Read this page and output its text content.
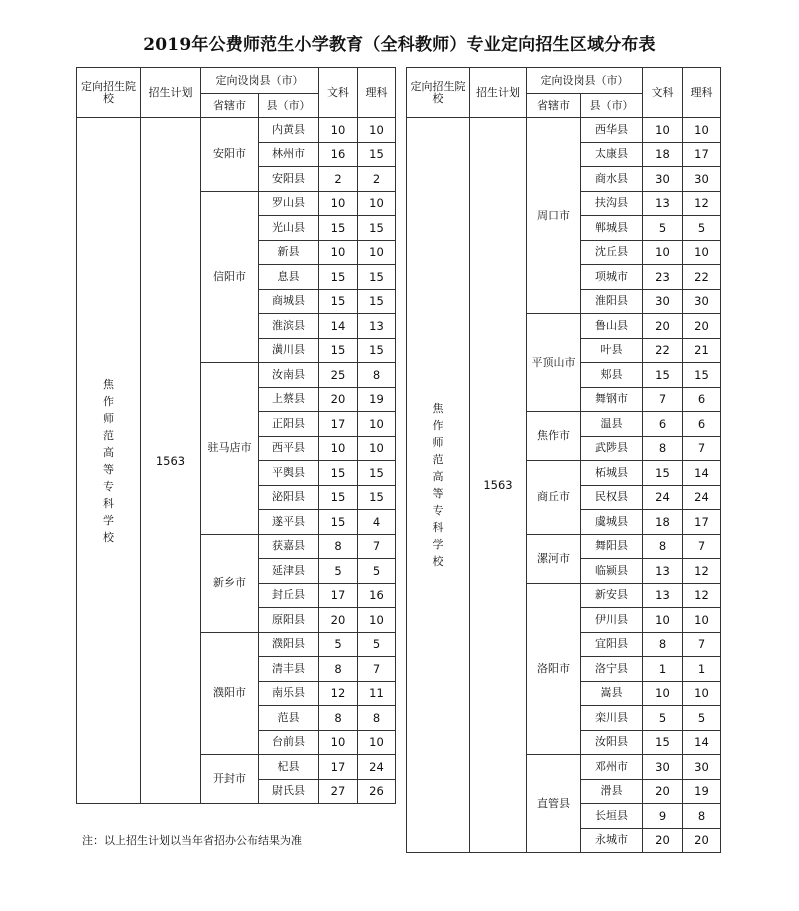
2019年公费师范生小学教育（全科教师）专业定向招生区域分布表
定向招生院校	招生计划	定向设岗县（市）		文科	理科
		省辖市	县（市）		
焦作师范高等专科学校	1563	安阳市	内黄县	10	10
			林州市	16	15
			安阳县	2	2
		信阳市	罗山县	10	10
			光山县	15	15
			新县	10	10
			息县	15	15
			商城县	15	15
			淮滨县	14	13
			潢川县	15	15
		驻马店市	汝南县	25	8
			上蔡县	20	19
			正阳县	17	10
			西平县	10	10
			平舆县	15	15
			泌阳县	15	15
			遂平县	15	4
		新乡市	获嘉县	8	7
			延津县	5	5
			封丘县	17	16
			原阳县	20	10
		濮阳市	濮阳县	5	5
			清丰县	8	7
			南乐县	12	11
			范县	8	8
			台前县	10	10
		开封市	杞县	17	24
			尉氏县	27	26
定向招生院校	招生计划	定向设岗县（市）		文科	理科
		省辖市	县（市）		
焦作师范高等专科学校	1563	周口市	西华县	10	10
			太康县	18	17
			商水县	30	30
			扶沟县	13	12
			郸城县	5	5
			沈丘县	10	10
			项城市	23	22
			淮阳县	30	30
		平顶山市	鲁山县	20	20
			叶县	22	21
			郏县	15	15
			舞钢市	7	6
		焦作市	温县	6	6
			武陟县	8	7
		商丘市	柘城县	15	14
			民权县	24	24
			虞城县	18	17
		漯河市	舞阳县	8	7
			临颍县	13	12
		洛阳市	新安县	13	12
			伊川县	10	10
			宜阳县	8	7
			洛宁县	1	1
			嵩县	10	10
			栾川县	5	5
			汝阳县	15	14
		直管县	邓州市	30	30
			滑县	20	19
			长垣县	9	8
			永城市	20	20
注：以上招生计划以当年省招办公布结果为准
